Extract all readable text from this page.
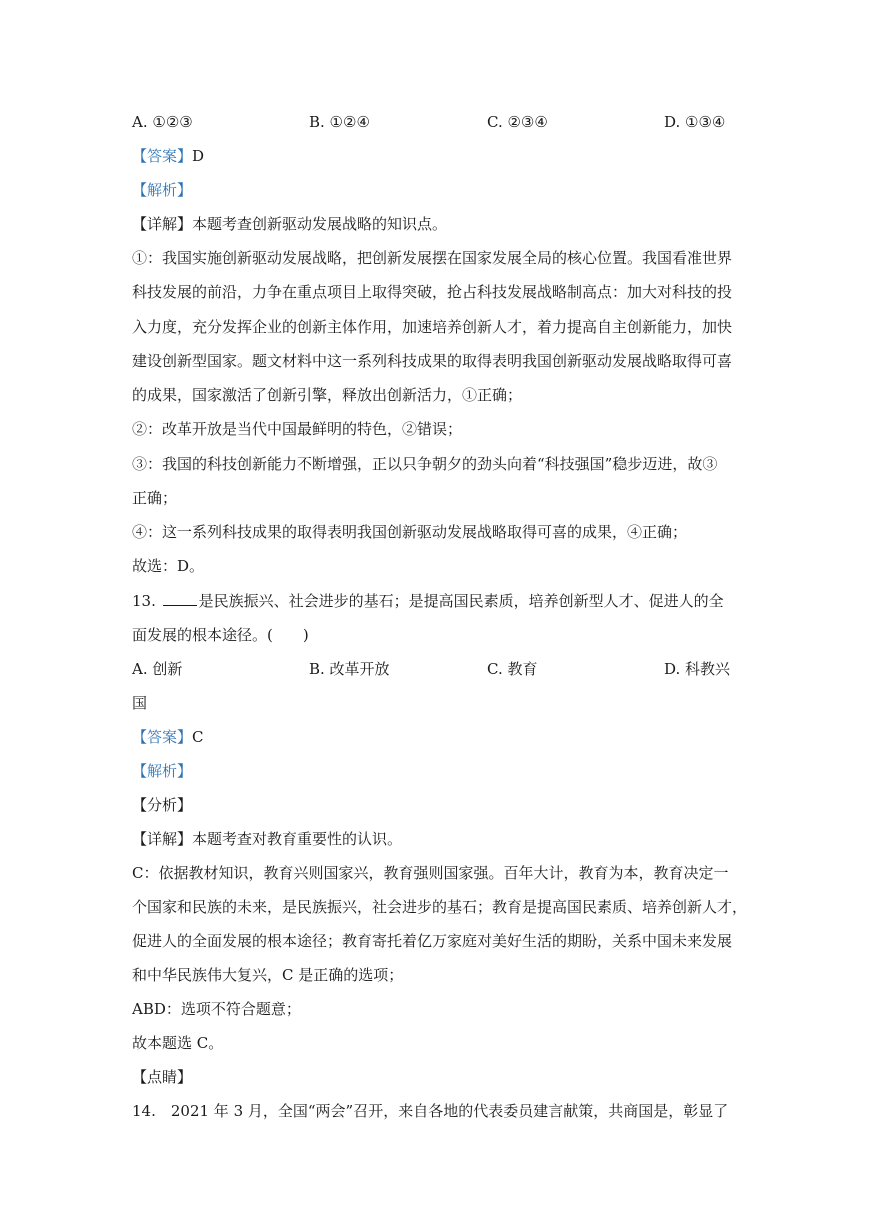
A. ①②③	B. ①②④	C. ②③④	D. ①③④
【答案】D
【解析】
【详解】本题考查创新驱动发展战略的知识点。
①：我国实施创新驱动发展战略，把创新发展摆在国家发展全局的核心位置。我国看准世界
科技发展的前沿，力争在重点项目上取得突破，抢占科技发展战略制高点：加大对科技的投
入力度，充分发挥企业的创新主体作用，加速培养创新人才，着力提高自主创新能力，加快
建设创新型国家。题文材料中这一系列科技成果的取得表明我国创新驱动发展战略取得可喜
的成果，国家激活了创新引擎，释放出创新活力，①正确；
②：改革开放是当代中国最鲜明的特色，②错误；
③：我国的科技创新能力不断增强，正以只争朝夕的劲头向着“科技强国”稳步迈进，故③
正确；
④：这一系列科技成果的取得表明我国创新驱动发展战略取得可喜的成果，④正确；
故选：D。
13.	是民族振兴、社会进步的基石；是提高国民素质，培养创新型人才、促进人的全
面发展的根本途径。(　　)
A. 创新	B. 改革开放	C. 教育	D. 科教兴
国
【答案】C
【解析】
【分析】
【详解】本题考查对教育重要性的认识。
C：依据教材知识，教育兴则国家兴，教育强则国家强。百年大计，教育为本，教育决定一
个国家和民族的未来，是民族振兴，社会进步的基石；教育是提高国民素质、培养创新人才，
促进人的全面发展的根本途径；教育寄托着亿万家庭对美好生活的期盼，关系中国未来发展
和中华民族伟大复兴，C 是正确的选项；
ABD：选项不符合题意；
故本题选 C。
【点睛】
14.　2021 年 3 月，全国“两会”召开，来自各地的代表委员建言献策，共商国是，彰显了
